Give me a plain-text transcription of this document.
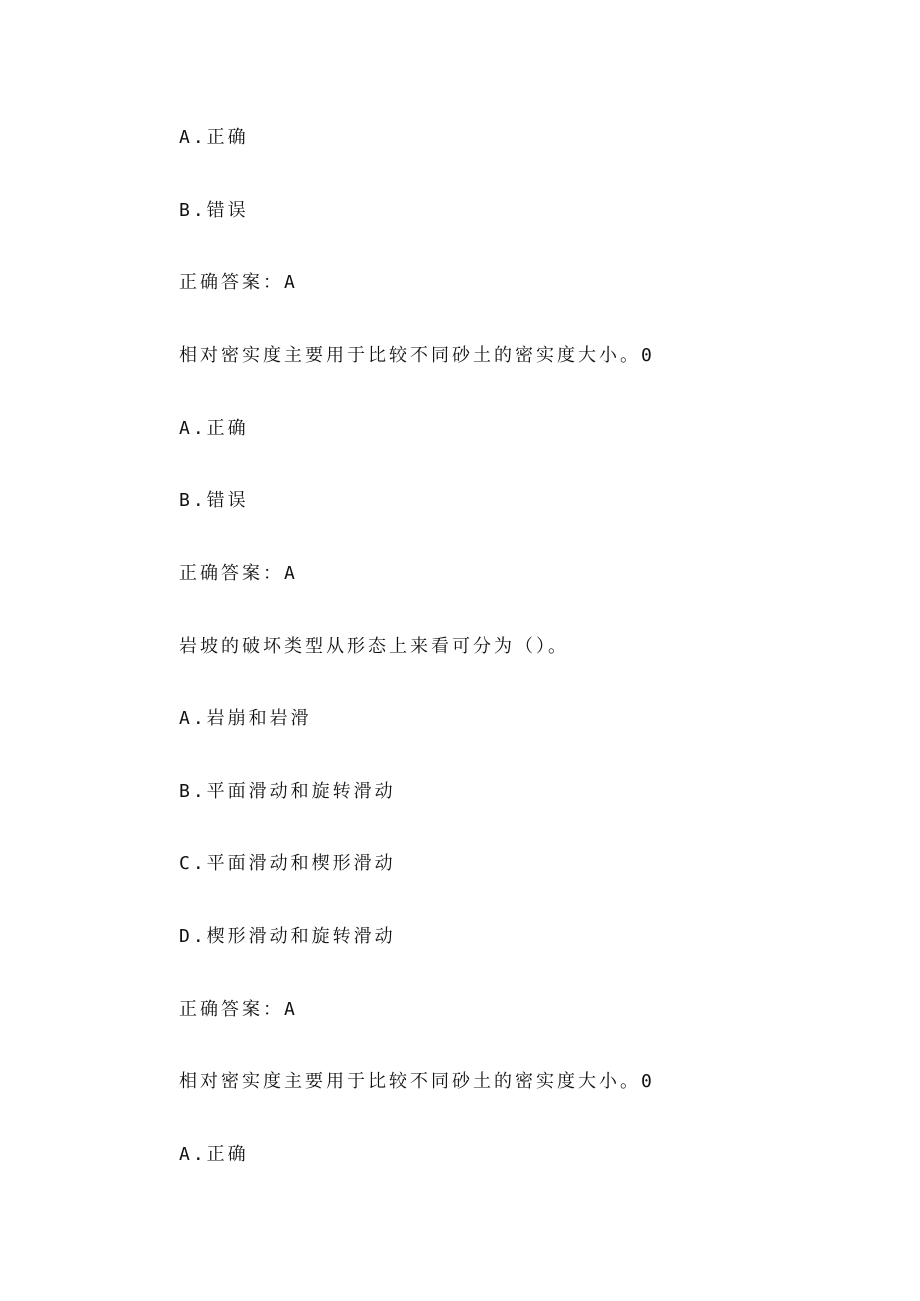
A.正确
B.错误
正确答案：A
相对密实度主要用于比较不同砂土的密实度大小。0
A.正确
B.错误
正确答案：A
岩坡的破坏类型从形态上来看可分为（）。
A.岩崩和岩滑
B.平面滑动和旋转滑动
C.平面滑动和楔形滑动
D.楔形滑动和旋转滑动
正确答案：A
相对密实度主要用于比较不同砂土的密实度大小。0
A.正确
